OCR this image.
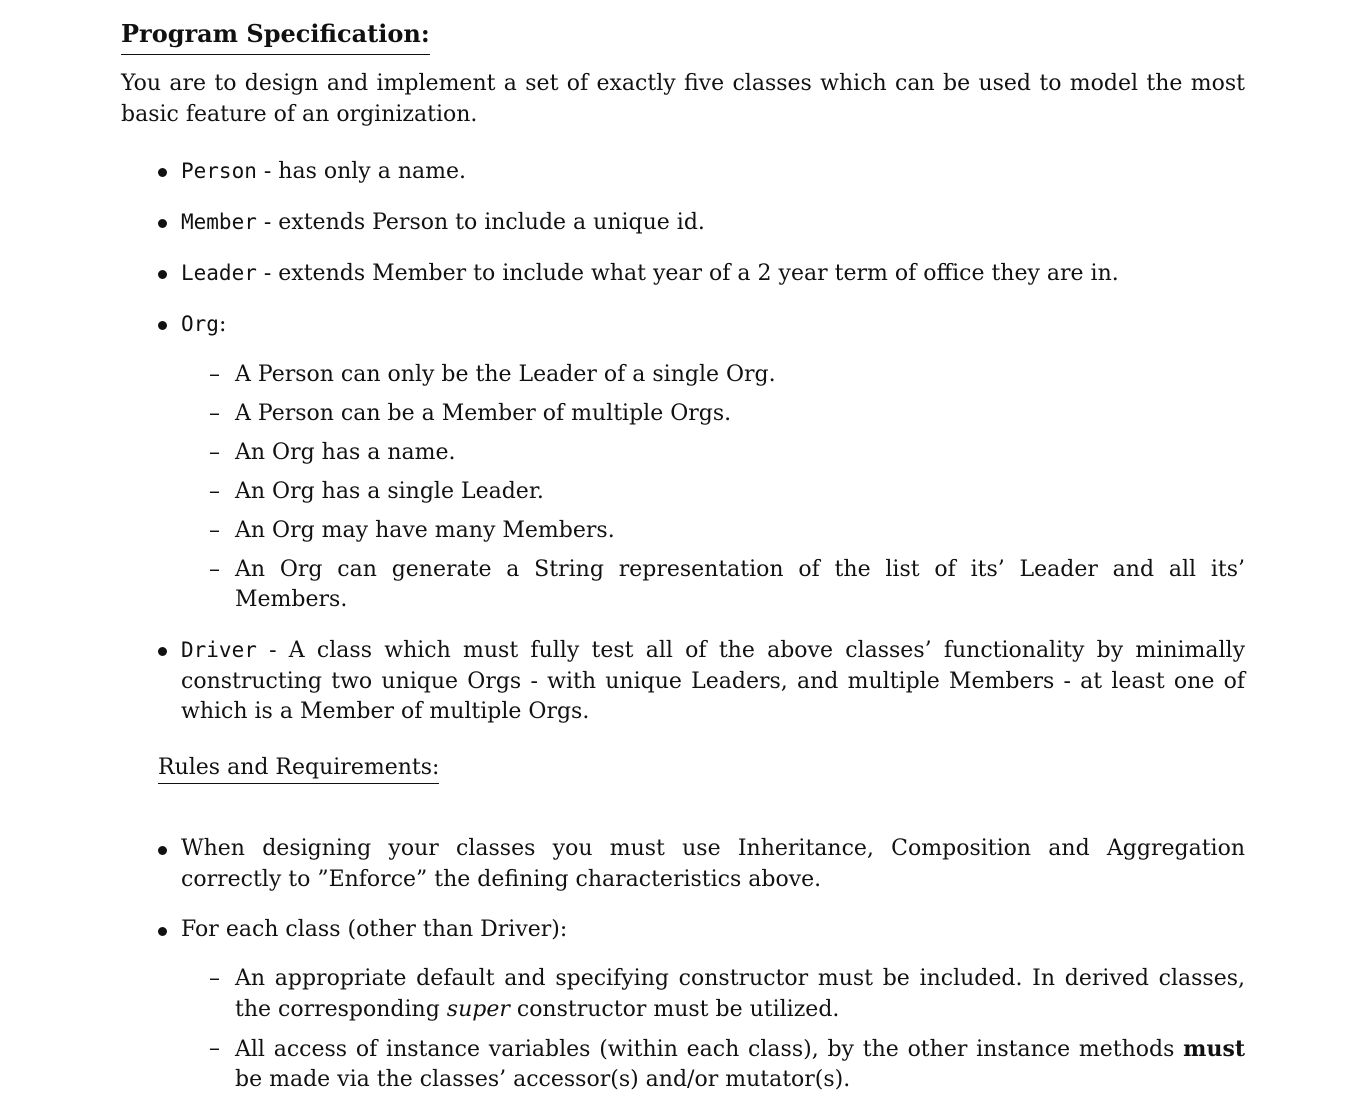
Program Specification:

You are to design and implement a set of exactly five classes which can be used to model the most basic feature of an orginization.

Person - has only a name.
Member - extends Person to include a unique id.
Leader - extends Member to include what year of a 2 year term of office they are in.
Org:
– A Person can only be the Leader of a single Org.
– A Person can be a Member of multiple Orgs.
– An Org has a name.
– An Org has a single Leader.
– An Org may have many Members.
– An Org can generate a String representation of the list of its’ Leader and all its’ Members.
Driver - A class which must fully test all of the above classes’ functionality by minimally constructing two unique Orgs - with unique Leaders, and multiple Members - at least one of which is a Member of multiple Orgs.
Rules and Requirements:
When designing your classes you must use Inheritance, Composition and Aggregation correctly to ”Enforce” the defining characteristics above.
For each class (other than Driver):
– An appropriate default and specifying constructor must be included. In derived classes, the corresponding super constructor must be utilized.
– All access of instance variables (within each class), by the other instance methods must be made via the classes’ accessor(s) and/or mutator(s).
